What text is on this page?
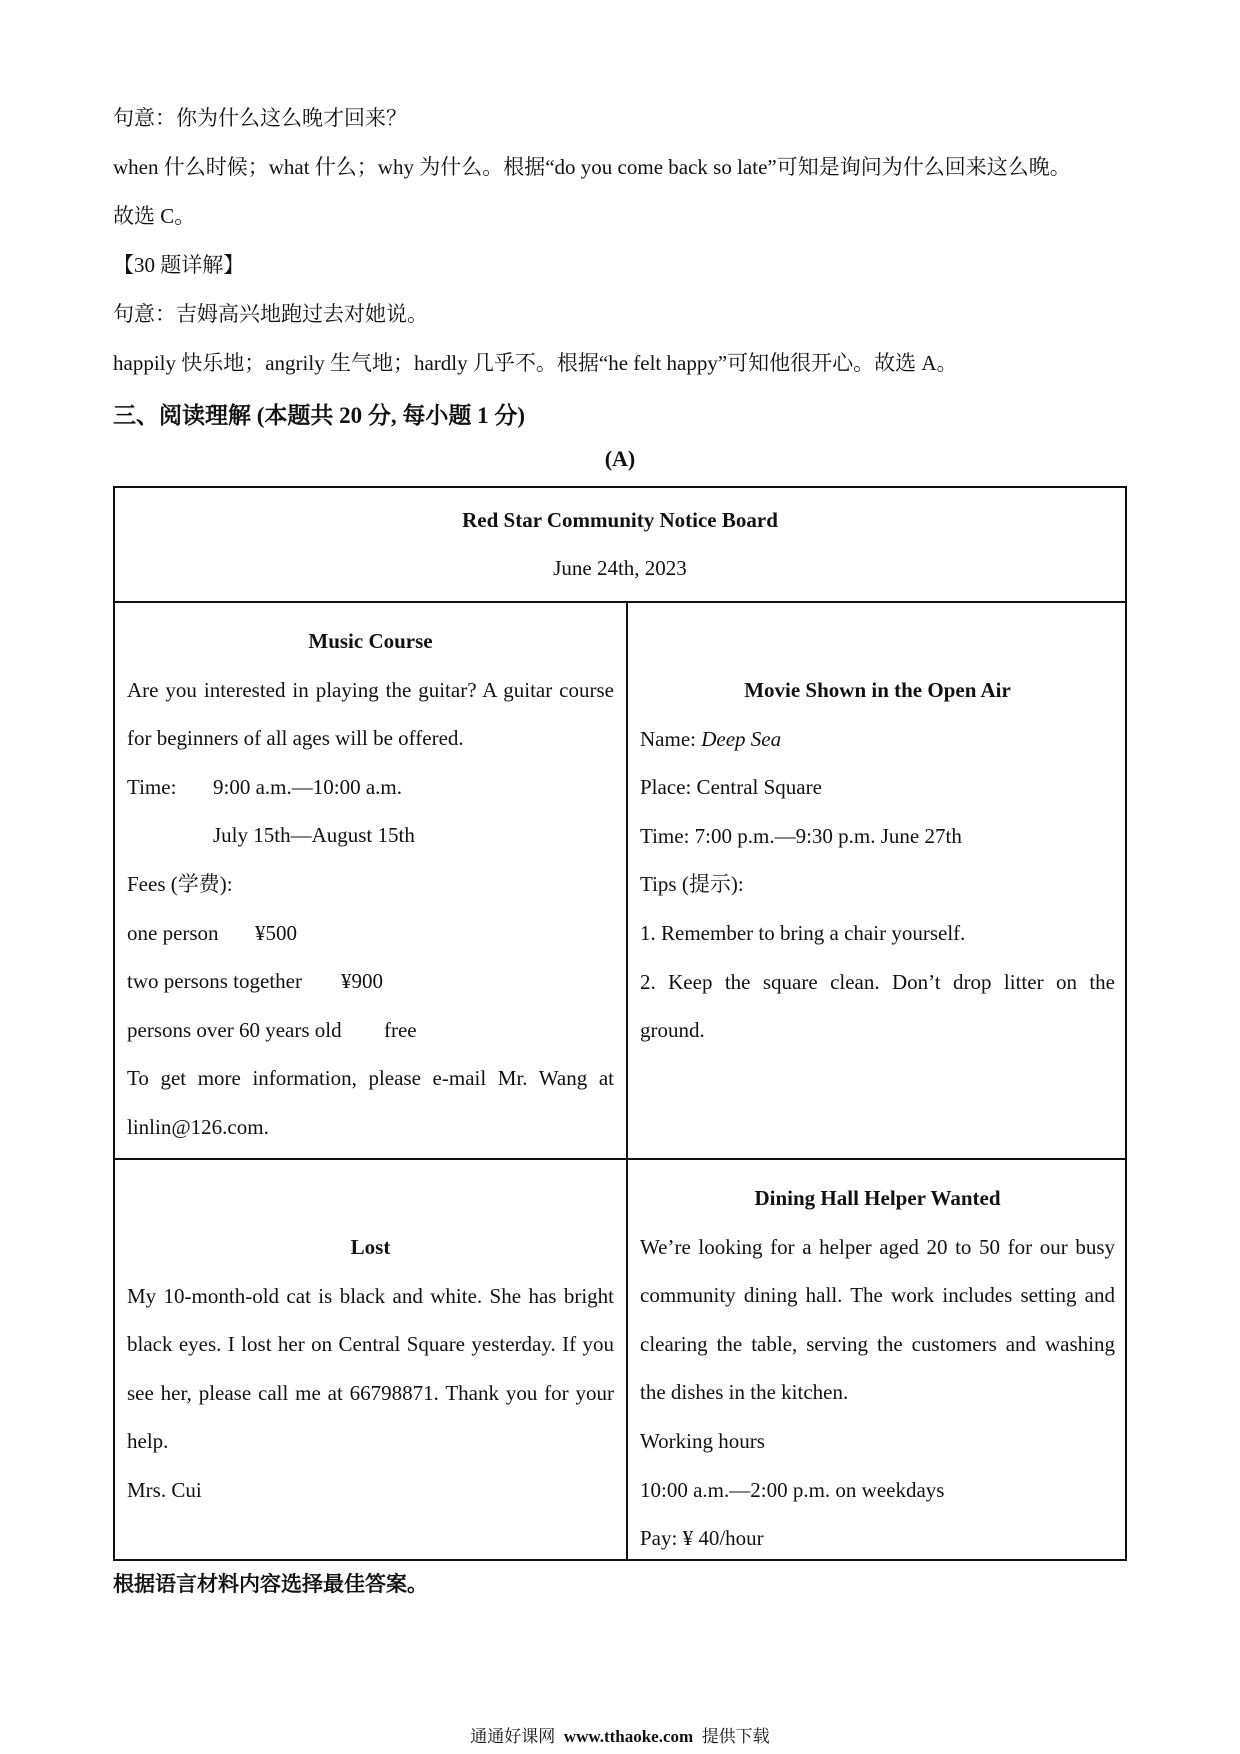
句意：你为什么这么晚才回来？
when 什么时候；what 什么；why 为什么。根据“do you come back so late”可知是询问为什么回来这么晚。
故选 C。
【30 题详解】
句意：吉姆高兴地跑过去对她说。
happily 快乐地；angrily 生气地；hardly 几乎不。根据“he felt happy”可知他很开心。故选 A。
三、阅读理解 (本题共 20 分, 每小题 1 分)
(A)
Red Star Community Notice Board
June 24th, 2023
Music Course
Are you interested in playing the guitar? A guitar course
for beginners of all ages will be offered.
Time: 9:00 a.m.—10:00 a.m.
July 15th—August 15th
Fees (学费):
one person ¥500
two persons together ¥900
persons over 60 years old free
To get more information, please e-mail Mr. Wang at
linlin@126.com.
Movie Shown in the Open Air
Name: Deep Sea
Place: Central Square
Time: 7:00 p.m.—9:30 p.m. June 27th
Tips (提示):
1. Remember to bring a chair yourself.
2. Keep the square clean. Don’t drop litter on the
ground.
Lost
My 10-month-old cat is black and white. She has bright
black eyes. I lost her on Central Square yesterday. If you
see her, please call me at 66798871. Thank you for your
help.
Mrs. Cui
Dining Hall Helper Wanted
We’re looking for a helper aged 20 to 50 for our busy
community dining hall. The work includes setting and
clearing the table, serving the customers and washing
the dishes in the kitchen.
Working hours
10:00 a.m.—2:00 p.m. on weekdays
Pay: ¥ 40/hour
根据语言材料内容选择最佳答案。
通通好课网 www.tthaoke.com 提供下载
